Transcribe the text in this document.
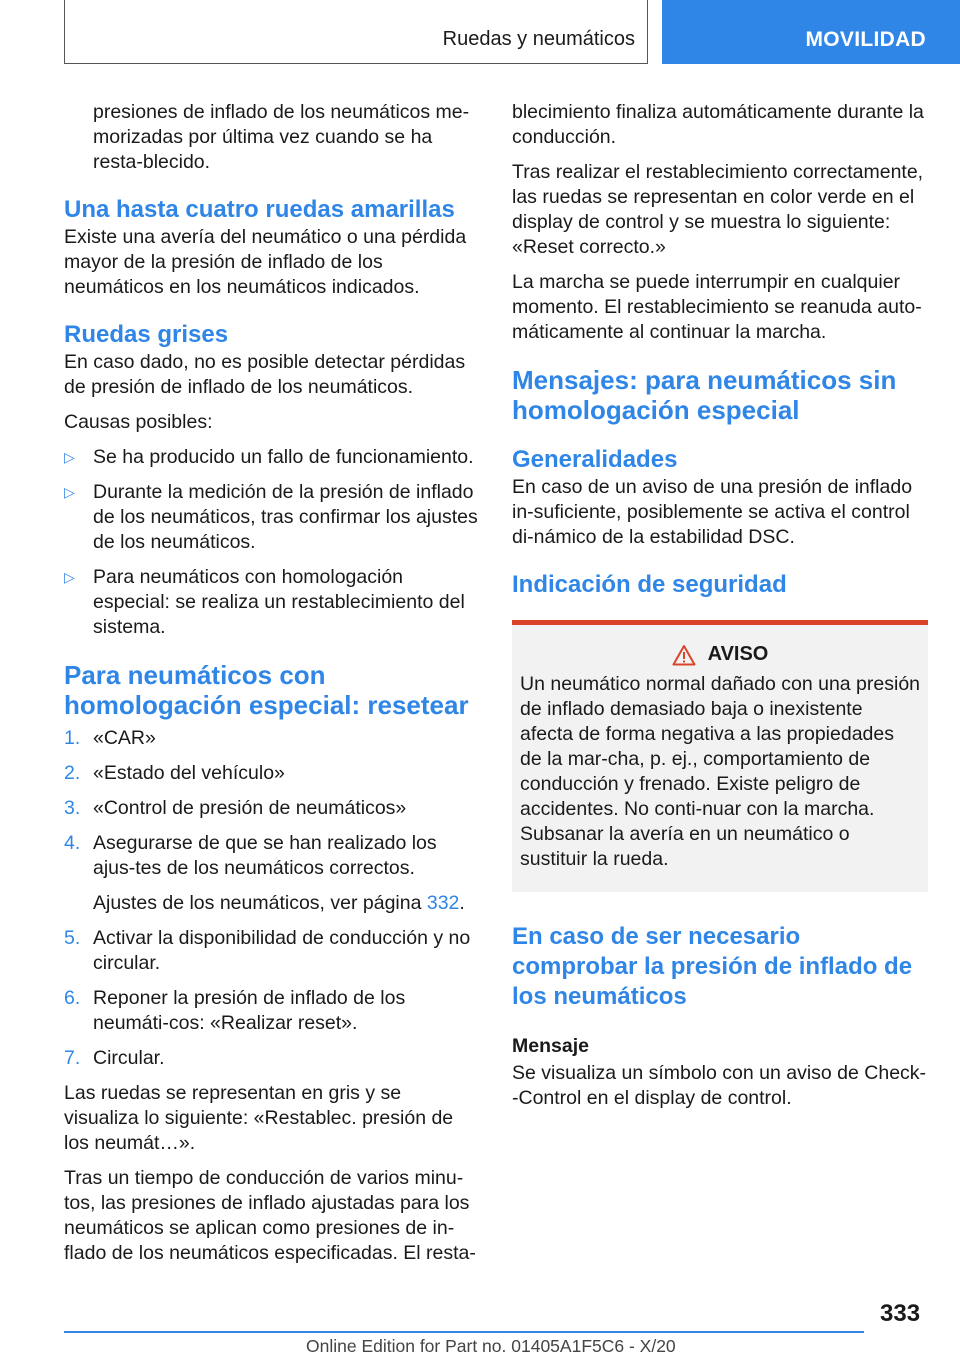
Ruedas y neumáticos	MOVILIDAD

presiones de inflado de los neumáticos me-morizadas por última vez cuando se ha resta-blecido.

Una hasta cuatro ruedas amarillas

Existe una avería del neumático o una pérdida mayor de la presión de inflado de los neumáticos en los neumáticos indicados.

Ruedas grises

En caso dado, no es posible detectar pérdidas de presión de inflado de los neumáticos.

Causas posibles:

▷ Se ha producido un fallo de funcionamiento.
▷ Durante la medición de la presión de inflado de los neumáticos, tras confirmar los ajustes de los neumáticos.
▷ Para neumáticos con homologación especial: se realiza un restablecimiento del sistema.
Para neumáticos con homologación especial: resetear
1. «CAR»
2. «Estado del vehículo»
3. «Control de presión de neumáticos»
4. Asegurarse de que se han realizado los ajus-tes de los neumáticos correctos.
Ajustes de los neumáticos, ver página 332.
5. Activar la disponibilidad de conducción y no circular.
6. Reponer la presión de inflado de los neumáti-cos: «Realizar reset».
7. Circular.

Las ruedas se representan en gris y se visualiza lo siguiente: «Restablec. presión de los neumát…».

Tras un tiempo de conducción de varios minu-tos, las presiones de inflado ajustadas para los neumáticos se aplican como presiones de in-flado de los neumáticos especificadas. El resta-

blecimiento finaliza automáticamente durante la conducción.

Tras realizar el restablecimiento correctamente, las ruedas se representan en color verde en el display de control y se muestra lo siguiente: «Reset correcto.»

La marcha se puede interrumpir en cualquier momento. El restablecimiento se reanuda auto-máticamente al continuar la marcha.

Mensajes: para neumáticos sin homologación especial
Generalidades

En caso de un aviso de una presión de inflado in-suficiente, posiblemente se activa el control di-námico de la estabilidad DSC.

Indicación de seguridad
AVISO

Un neumático normal dañado con una presión de inflado demasiado baja o inexistente afecta de forma negativa a las propiedades de la mar-cha, p. ej., comportamiento de conducción y frenado. Existe peligro de accidentes. No conti-nuar con la marcha. Subsanar la avería en un neumático o sustituir la rueda.

En caso de ser necesario comprobar la presión de inflado de los neumáticos

Mensaje

Se visualiza un símbolo con un aviso de Check--Control en el display de control.

333
Online Edition for Part no. 01405A1F5C6 - X/20
